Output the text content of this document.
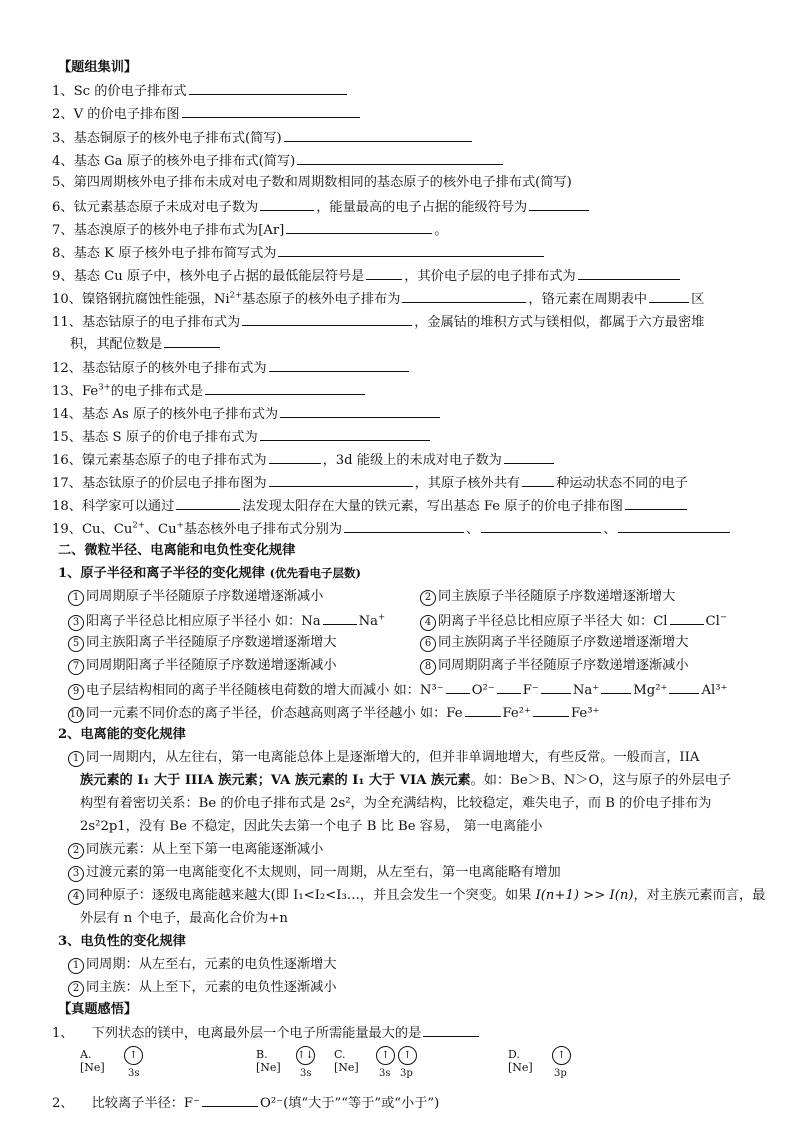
【题组集训】
1、Sc 的价电子排布式
2、V 的价电子排布图
3、基态铜原子的核外电子排布式(简写)
4、基态 Ga 原子的核外电子排布式(简写)
5、第四周期核外电子排布未成对电子数和周期数相同的基态原子的核外电子排布式(简写)
6、钛元素基态原子未成对电子数为	，能量最高的电子占据的能级符号为
7、基态溴原子的核外电子排布式为[Ar]	。
8、基态 K 原子核外电子排布简写式为
9、基态 Cu 原子中，核外电子占据的最低能层符号是	，其价电子层的电子排布式为
10、镍铬钢抗腐蚀性能强，$Ni^{2+}$基态原子的核外电子排布为	，铬元素在周期表中	区
11、基态钴原子的电子排布式为	，金属钴的堆积方式与镁相似，都属于六方最密堆
积，其配位数是
12、基态钴原子的核外电子排布式为
13、$Fe^{3+}$的电子排布式是
14、基态 As 原子的核外电子排布式为
15、基态 S 原子的价电子排布式为
16、镍元素基态原子的电子排布式为	，3d 能级上的未成对电子数为
17、基态钛原子的价层电子排布图为	，其原子核外共有	种运动状态不同的电子
18、科学家可以通过	法发现太阳存在大量的铁元素，写出基态 Fe 原子的价电子排布图
19、Cu、$Cu^{2+}$、Cu+基态核外电子排布式分别为	、	、
二、微粒半径、电离能和电负性变化规律
1、原子半径和离子半径的变化规律 (优先看电子层数)
1 同周期原子半径随原子序数递增逐渐减小	2 同主族原子半径随原子序数递增逐渐增大
3 阳离子半径总比相应原子半径小 如：Na	Na+	4 阴离子半径总比相应原子半径大 如：Cl	Cl−
5 同主族阳离子半径随原子序数递增逐渐增大	6 同主族阴离子半径随原子序数递增逐渐增大
7 同周期阳离子半径随原子序数递增逐渐减小	8 同周期阴离子半径随原子序数递增逐渐减小
9 电子层结构相同的离子半径随核电荷数的增大而减小 如：N³⁻ O²⁻ F⁻	Na⁺	Mg²⁺	Al³⁺
10 同一元素不同价态的离子半径，价态越高则离子半径越小 如：Fe	Fe²⁺	Fe³⁺
2、电离能的变化规律
1 同一周期内，从左往右，第一电离能总体上是逐渐增大的，但并非单调地增大，有些反常。一般而言，IIA
族元素的 I₁ 大于 IIIA 族元素；VA 族元素的 I₁ 大于 VIA 族元素。如：Be＞B、N＞O，这与原子的外层电子
构型有着密切关系：Be 的价电子排布式是 2s²，为全充满结构，比较稳定，难失电子，而 B 的价电子排布为
2s²2p1，没有 Be 不稳定，因此失去第一个电子 B 比 Be 容易， 第一电离能小
2 同族元素：从上至下第一电离能逐渐减小
3 过渡元素的第一电离能变化不太规则，同一周期，从左至右，第一电离能略有增加
4 同种原子：逐级电离能越来越大(即 I₁<I₂<I₃…，并且会发生一个突变。如果 I(n+1) >> I(n)，对主族元素而言，最
外层有 n 个电子，最高化合价为+n
3、电负性的变化规律
1 同周期：从左至右，元素的电负性逐渐增大
2 同主族：从上至下，元素的电负性逐渐减小
【真题感悟】
1、 下列状态的镁中，电离最外层一个电子所需能量最大的是
A.[Ne]
↑
3s
B.[Ne]
↑↓
3s
C.[Ne]
↑
3s
↑
3p
D.[Ne]
↑
3p
2、 比较离子半径：F⁻	O²⁻(填“大于”“等于”或“小于”)
